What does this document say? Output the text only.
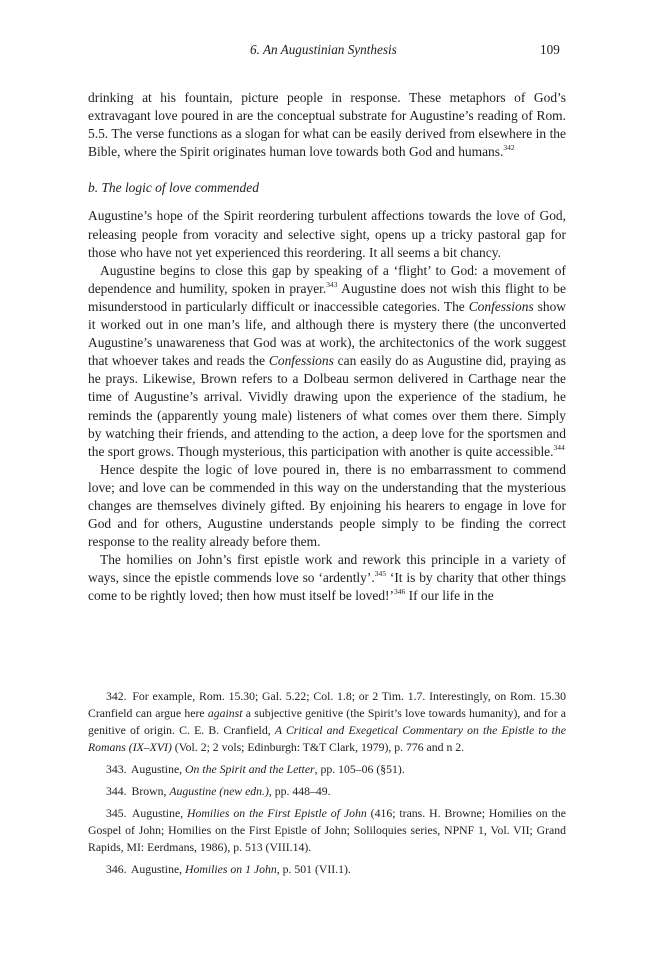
6. An Augustinian Synthesis	109

drinking at his fountain, picture people in response. These metaphors of God’s extravagant love poured in are the conceptual substrate for Augustine’s reading of Rom. 5.5. The verse functions as a slogan for what can be easily derived from elsewhere in the Bible, where the Spirit originates human love towards both God and humans.$^{342}$

b. The logic of love commended

Augustine’s hope of the Spirit reordering turbulent affections towards the love of God, releasing people from voracity and selective sight, opens up a tricky pastoral gap for those who have not yet experienced this reordering. It all seems a bit chancy.

Augustine begins to close this gap by speaking of a ‘flight’ to God: a movement of dependence and humility, spoken in prayer.$^{343}$ Augustine does not wish this flight to be misunderstood in particularly difficult or inaccessible categories. The Confessions show it worked out in one man’s life, and although there is mystery there (the unconverted Augustine’s unawareness that God was at work), the architectonics of the work suggest that whoever takes and reads the Confessions can easily do as Augustine did, praying as he prays. Likewise, Brown refers to a Dolbeau sermon delivered in Carthage near the time of Augustine’s arrival. Vividly drawing upon the experience of the stadium, he reminds the (apparently young male) listeners of what comes over them there. Simply by watching their friends, and attending to the action, a deep love for the sportsmen and the sport grows. Though mysterious, this participation with another is quite accessible.$^{344}$

Hence despite the logic of love poured in, there is no embarrassment to commend love; and love can be commended in this way on the understanding that the mysterious changes are themselves divinely gifted. By enjoining his hearers to engage in love for God and for others, Augustine understands people simply to be finding the correct response to the reality already before them.

The homilies on John’s first epistle work and rework this principle in a variety of ways, since the epistle commends love so ‘ardently’.$^{345}$ ‘It is by charity that other things come to be rightly loved; then how must itself be loved!’$^{346}$ If our life in the

342. For example, Rom. 15.30; Gal. 5.22; Col. 1.8; or 2 Tim. 1.7. Interestingly, on Rom. 15.30 Cranfield can argue here against a subjective genitive (the Spirit’s love towards humanity), and for a genitive of origin. C. E. B. Cranfield, A Critical and Exegetical Commentary on the Epistle to the Romans (IX–XVI) (Vol. 2; 2 vols; Edinburgh: T&T Clark, 1979), p. 776 and n 2.

343. Augustine, On the Spirit and the Letter, pp. 105–06 (§51).

344. Brown, Augustine (new edn.), pp. 448–49.

345. Augustine, Homilies on the First Epistle of John (416; trans. H. Browne; Homilies on the Gospel of John; Homilies on the First Epistle of John; Soliloquies series, NPNF 1, Vol. VII; Grand Rapids, MI: Eerdmans, 1986), p. 513 (VIII.14).

346. Augustine, Homilies on 1 John, p. 501 (VII.1).
